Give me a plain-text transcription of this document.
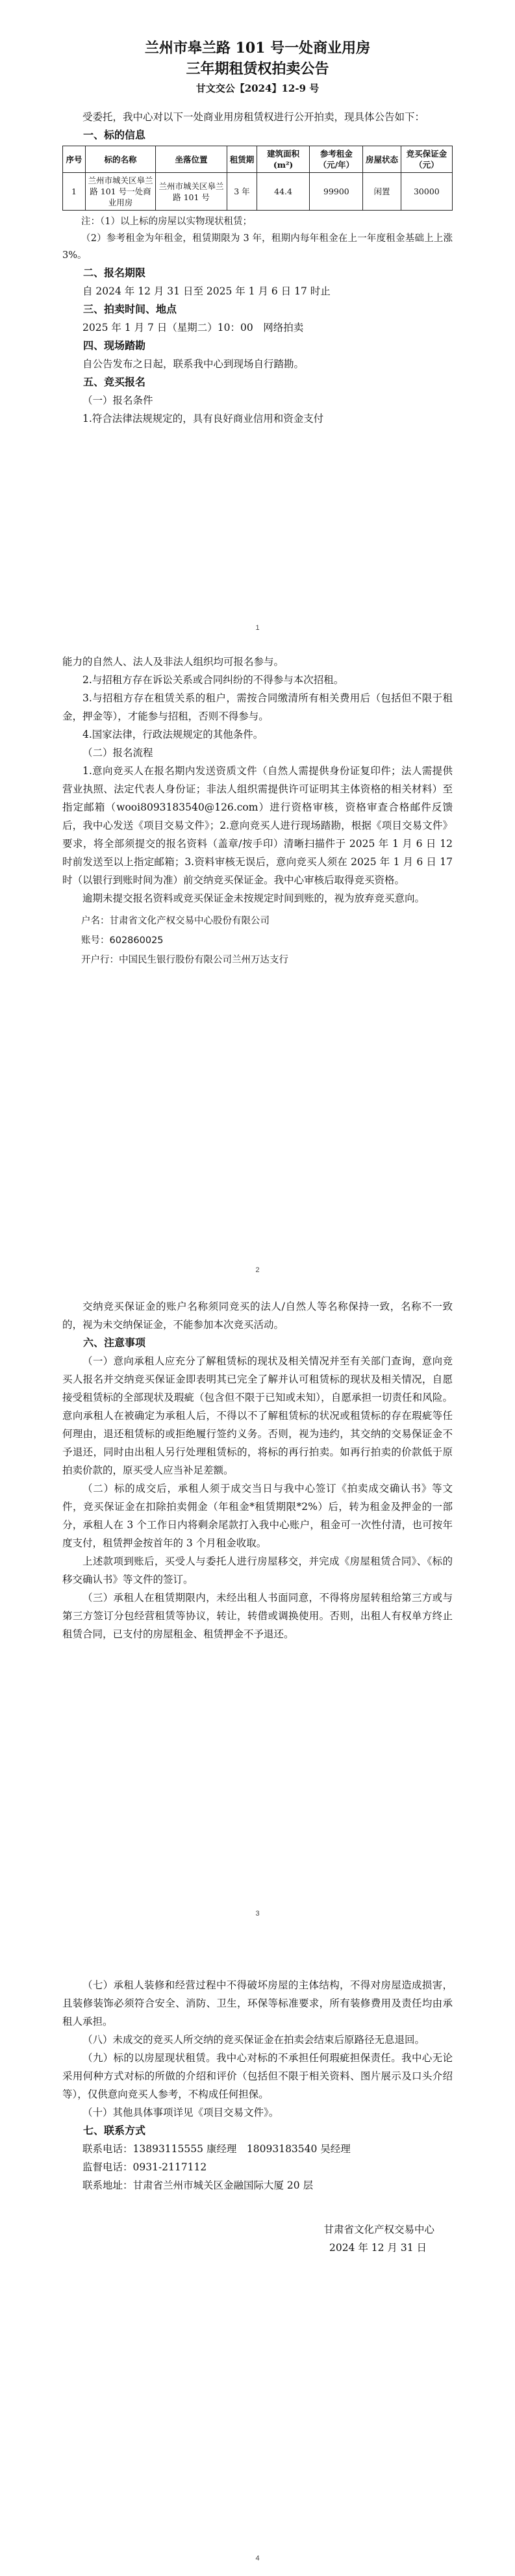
兰州市皋兰路 101 号一处商业用房
三年期租赁权拍卖公告
甘文交公【2024】12-9 号

受委托，我中心对以下一处商业用房租赁权进行公开拍卖，现具体公告如下：

一、标的信息
序号	标的名称	坐落位置	租赁期	建筑面积(m²)	参考租金（元/年）	房屋状态	竞买保证金（元）
1	兰州市城关区皋兰路 101 号一处商业用房	兰州市城关区皋兰路 101 号	3 年	44.4	99900	闲置	30000

注：（1）以上标的房屋以实物现状租赁；

（2）参考租金为年租金，租赁期限为 3 年，租期内每年租金在上一年度租金基础上上涨 3%。

二、报名期限

自 2024 年 12 月 31 日至 2025 年 1 月 6 日 17 时止

三、拍卖时间、地点

2025 年 1 月 7 日（星期二）10：00　网络拍卖

四、现场踏勘

自公告发布之日起，联系我中心到现场自行踏勘。

五、竞买报名

（一）报名条件

1.符合法律法规规定的，具有良好商业信用和资金支付

1

能力的自然人、法人及非法人组织均可报名参与。

2.与招租方存在诉讼关系或合同纠纷的不得参与本次招租。

3.与招租方存在租赁关系的租户，需按合同缴清所有相关费用后（包括但不限于租金，押金等），才能参与招租，否则不得参与。

4.国家法律，行政法规规定的其他条件。

（二）报名流程

1.意向竞买人在报名期内发送资质文件（自然人需提供身份证复印件；法人需提供营业执照、法定代表人身份证；非法人组织需提供许可证明其主体资格的相关材料）至指定邮箱（wooi8093183540@126.com）进行资格审核，资格审查合格邮件反馈后，我中心发送《项目交易文件》；2.意向竞买人进行现场踏勘，根据《项目交易文件》要求，将全部须提交的报名资料（盖章/按手印）清晰扫描件于 2025 年 1 月 6 日 12 时前发送至以上指定邮箱；3.资料审核无误后，意向竞买人须在 2025 年 1 月 6 日 17 时（以银行到账时间为准）前交纳竞买保证金。我中心审核后取得竞买资格。

逾期未提交报名资料或竞买保证金未按规定时间到账的，视为放弃竞买意向。

户名：甘肃省文化产权交易中心股份有限公司
账号：602860025
开户行：中国民生银行股份有限公司兰州万达支行
2

交纳竞买保证金的账户名称须同竞买的法人/自然人等名称保持一致，名称不一致的，视为未交纳保证金，不能参加本次竞买活动。

六、注意事项

（一）意向承租人应充分了解租赁标的现状及相关情况并至有关部门查询，意向竞买人报名并交纳竞买保证金即表明其已完全了解并认可租赁标的现状及相关情况，自愿接受租赁标的全部现状及瑕疵（包含但不限于已知或未知），自愿承担一切责任和风险。意向承租人在被确定为承租人后，不得以不了解租赁标的状况或租赁标的存在瑕疵等任何理由，退还租赁标的或拒绝履行签约义务。否则，视为违约，其交纳的交易保证金不予退还，同时由出租人另行处理租赁标的，将标的再行拍卖。如再行拍卖的价款低于原拍卖价款的，原买受人应当补足差额。

（二）标的成交后，承租人须于成交当日与我中心签订《拍卖成交确认书》等文件，竞买保证金在扣除拍卖佣金（年租金*租赁期限*2%）后，转为租金及押金的一部分，承租人在 3 个工作日内将剩余尾款打入我中心账户，租金可一次性付清，也可按年度支付，租赁押金按首年的 3 个月租金收取。

上述款项到账后，买受人与委托人进行房屋移交，并完成《房屋租赁合同》、《标的移交确认书》等文件的签订。

（三）承租人在租赁期限内，未经出租人书面同意，不得将房屋转租给第三方或与第三方签订分包经营租赁等协议，转让，转借或调换使用。否则，出租人有权单方终止租赁合同，已支付的房屋租金、租赁押金不予退还。

3

（七）承租人装修和经营过程中不得破坏房屋的主体结构，不得对房屋造成损害，且装修装饰必须符合安全、消防、卫生，环保等标准要求，所有装修费用及责任均由承租人承担。

（八）未成交的竞买人所交纳的竞买保证金在拍卖会结束后原路径无息退回。

（九）标的以房屋现状租赁。我中心对标的不承担任何瑕疵担保责任。我中心无论采用何种方式对标的所做的介绍和评价（包括但不限于相关资料、图片展示及口头介绍等），仅供意向竞买人参考，不构成任何担保。

（十）其他具体事项详见《项目交易文件》。

七、联系方式

联系电话：13893115555 康经理　18093183540 吴经理

监督电话：0931-2117112

联系地址：甘肃省兰州市城关区金融国际大厦 20 层

甘肃省文化产权交易中心

2024 年 12 月 31 日

4
